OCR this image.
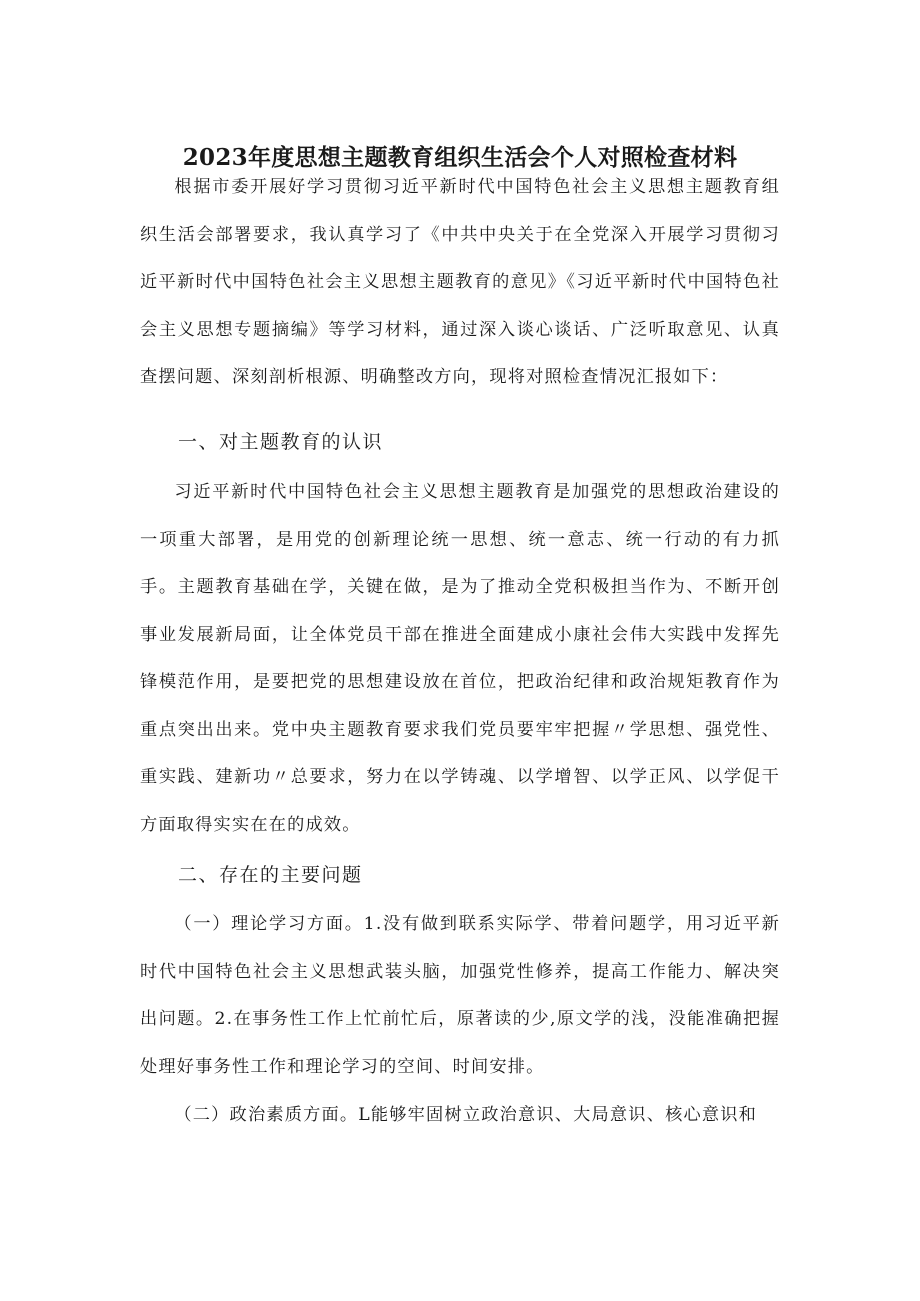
2023年度思想主题教育组织生活会个人对照检查材料

根据市委开展好学习贯彻习近平新时代中国特色社会主义思想主题教育组织生活会部署要求，我认真学习了《中共中央关于在全党深入开展学习贯彻习近平新时代中国特色社会主义思想主题教育的意见》《习近平新时代中国特色社会主义思想专题摘编》等学习材料，通过深入谈心谈话、广泛听取意见、认真查摆问题、深刻剖析根源、明确整改方向，现将对照检查情况汇报如下：

一、对主题教育的认识

习近平新时代中国特色社会主义思想主题教育是加强党的思想政治建设的一项重大部署，是用党的创新理论统一思想、统一意志、统一行动的有力抓手。主题教育基础在学，关键在做，是为了推动全党积极担当作为、不断开创事业发展新局面，让全体党员干部在推进全面建成小康社会伟大实践中发挥先锋模范作用，是要把党的思想建设放在首位，把政治纪律和政治规矩教育作为重点突出出来。党中央主题教育要求我们党员要牢牢把握〃学思想、强党性、重实践、建新功〃总要求，努力在以学铸魂、以学增智、以学正风、以学促干方面取得实实在在的成效。

二、存在的主要问题

（一）理论学习方面。1.没有做到联系实际学、带着问题学，用习近平新时代中国特色社会主义思想武装头脑，加强党性修养，提高工作能力、解决突出问题。2.在事务性工作上忙前忙后，原著读的少,原文学的浅，没能准确把握处理好事务性工作和理论学习的空间、时间安排。

（二）政治素质方面。L能够牢固树立政治意识、大局意识、核心意识和
